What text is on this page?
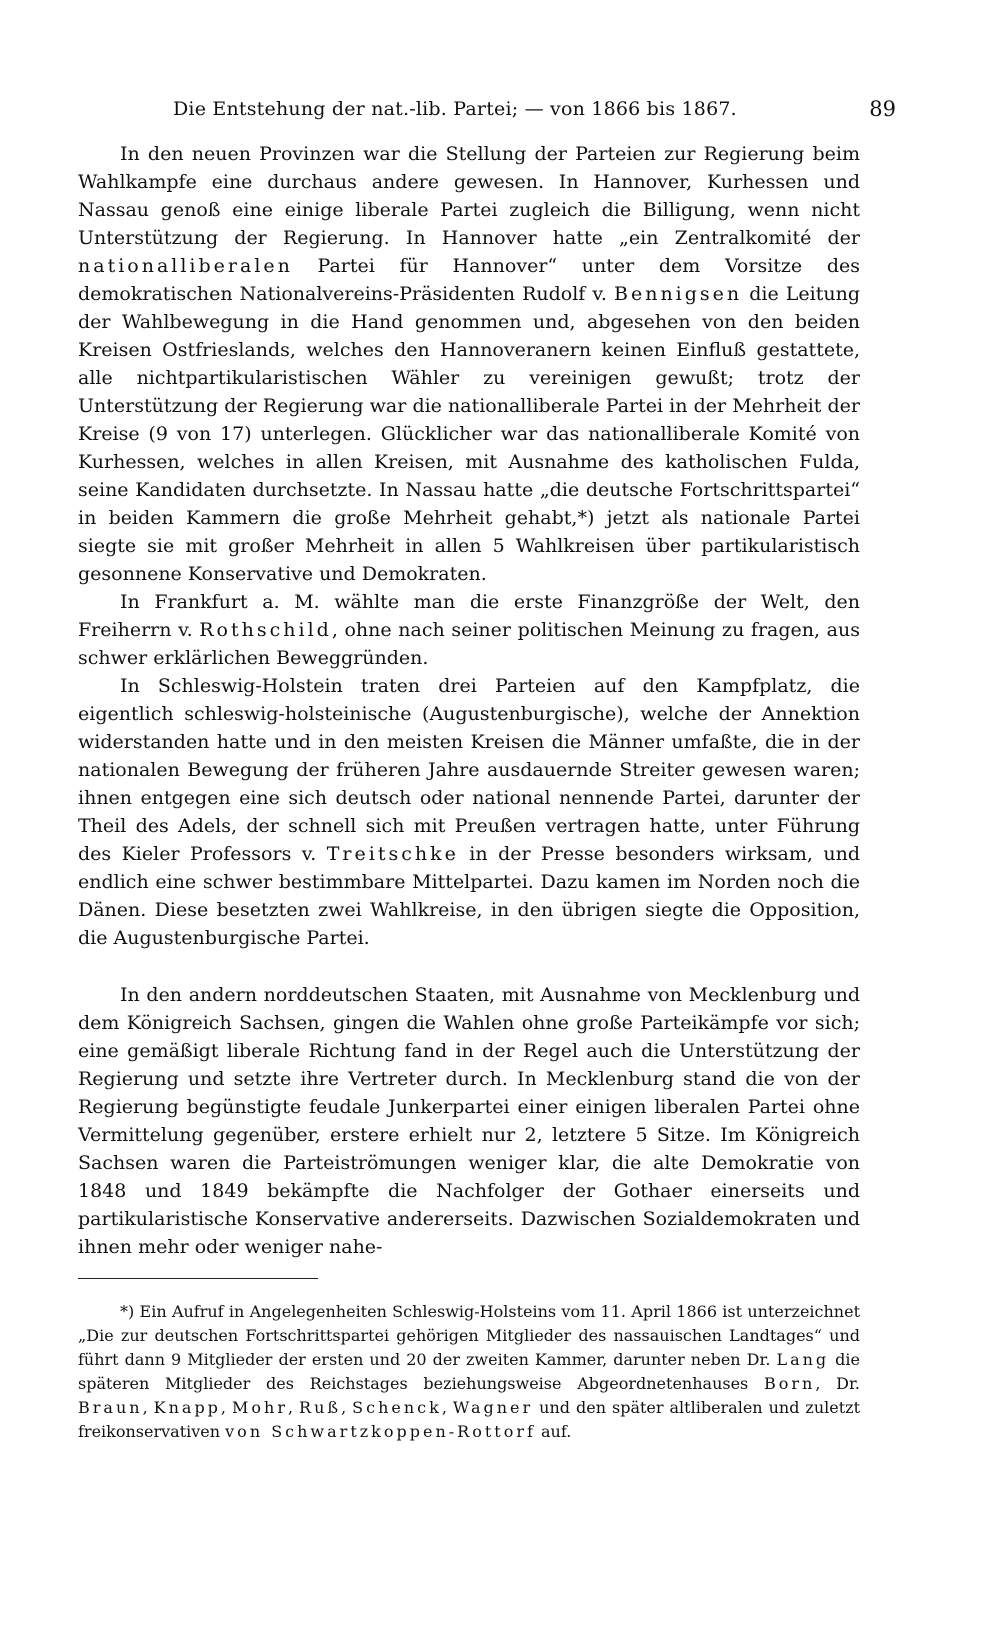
Die Entstehung der nat.-lib. Partei; — von 1866 bis 1867.	89

In den neuen Provinzen war die Stellung der Parteien zur Regierung beim Wahlkampfe eine durchaus andere gewesen. In Hannover, Kurhessen und Nassau genoß eine einige liberale Partei zugleich die Billigung, wenn nicht Unterstützung der Regierung. In Hannover hatte „ein Zentralkomité der nationalliberalen Partei für Hannover“ unter dem Vorsitze des demokratischen Nationalvereins-Präsidenten Rudolf v. Bennigsen die Leitung der Wahlbewegung in die Hand genommen und, abgesehen von den beiden Kreisen Ostfrieslands, welches den Hannoveranern keinen Einfluß gestattete, alle nichtpartikularistischen Wähler zu vereinigen gewußt; trotz der Unterstützung der Regierung war die nationalliberale Partei in der Mehrheit der Kreise (9 von 17) unterlegen. Glücklicher war das nationalliberale Komité von Kurhessen, welches in allen Kreisen, mit Ausnahme des katholischen Fulda, seine Kandidaten durchsetzte. In Nassau hatte „die deutsche Fortschrittspartei“ in beiden Kammern die große Mehrheit gehabt,*) jetzt als nationale Partei siegte sie mit großer Mehrheit in allen 5 Wahlkreisen über partikularistisch gesonnene Konservative und Demokraten.

In Frankfurt a. M. wählte man die erste Finanzgröße der Welt, den Freiherrn v. Rothschild, ohne nach seiner politischen Meinung zu fragen, aus schwer erklärlichen Beweggründen.

In Schleswig-Holstein traten drei Parteien auf den Kampfplatz, die eigentlich schleswig-holsteinische (Augustenburgische), welche der Annektion widerstanden hatte und in den meisten Kreisen die Männer umfaßte, die in der nationalen Bewegung der früheren Jahre ausdauernde Streiter gewesen waren; ihnen entgegen eine sich deutsch oder national nennende Partei, darunter der Theil des Adels, der schnell sich mit Preußen vertragen hatte, unter Führung des Kieler Professors v. Treitschke in der Presse besonders wirksam, und endlich eine schwer bestimmbare Mittelpartei. Dazu kamen im Norden noch die Dänen. Diese besetzten zwei Wahlkreise, in den übrigen siegte die Opposition, die Augustenburgische Partei.

In den andern norddeutschen Staaten, mit Ausnahme von Mecklenburg und dem Königreich Sachsen, gingen die Wahlen ohne große Parteikämpfe vor sich; eine gemäßigt liberale Richtung fand in der Regel auch die Unterstützung der Regierung und setzte ihre Vertreter durch. In Mecklenburg stand die von der Regierung begünstigte feudale Junkerpartei einer einigen liberalen Partei ohne Vermittelung gegenüber, erstere erhielt nur 2, letztere 5 Sitze. Im Königreich Sachsen waren die Parteiströmungen weniger klar, die alte Demokratie von 1848 und 1849 bekämpfte die Nachfolger der Gothaer einerseits und partikularistische Konservative andererseits. Dazwischen Sozialdemokraten und ihnen mehr oder weniger nahe-

*) Ein Aufruf in Angelegenheiten Schleswig-Holsteins vom 11. April 1866 ist unterzeichnet „Die zur deutschen Fortschrittspartei gehörigen Mitglieder des nassauischen Landtages“ und führt dann 9 Mitglieder der ersten und 20 der zweiten Kammer, darunter neben Dr. Lang die späteren Mitglieder des Reichstages beziehungsweise Abgeordnetenhauses Born, Dr. Braun, Knapp, Mohr, Ruß, Schenck, Wagner und den später altliberalen und zuletzt freikonservativen von Schwartzkoppen-Rottorf auf.
